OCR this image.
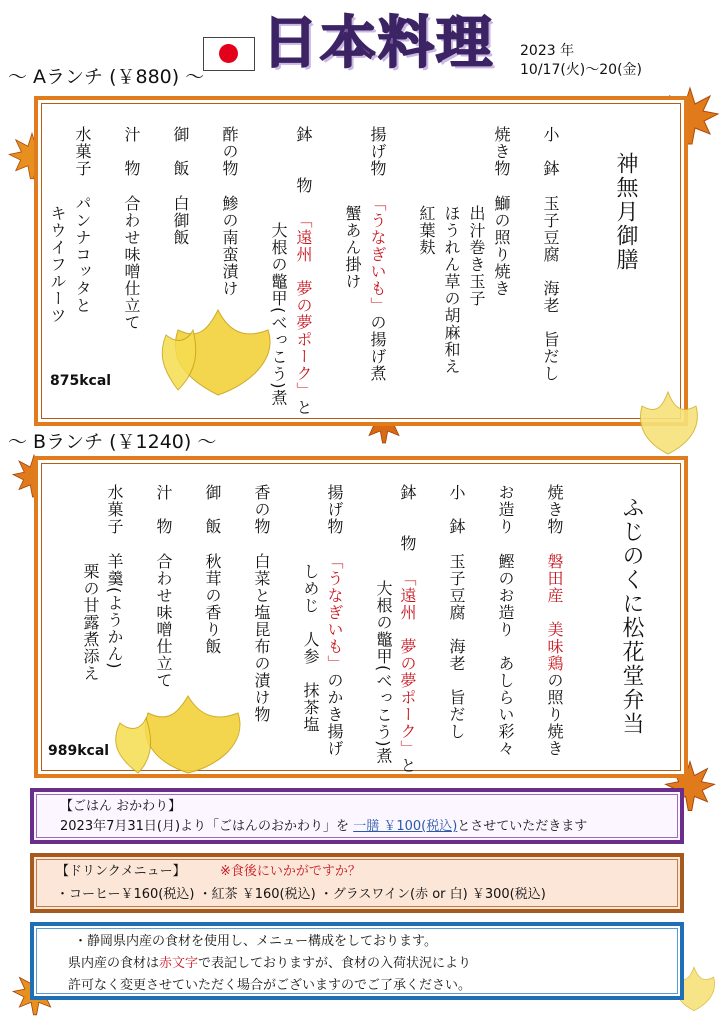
日本料理 2023 年
10/17(火)～20(金)
～ Aランチ (￥880) ～
神無月御膳
小　鉢玉子豆腐　海老　旨だし
焼き物鰤の照り焼き
出汁巻き玉子
ほうれん草の胡麻和え
紅葉麸
揚げ物「うなぎいも」の揚げ煮
蟹あん掛け
鉢　　物「遠州　夢の夢ポーク」と
大根の鼈甲(べっこう)煮
酢の物鯵の南蛮漬け
御　飯白御飯
汁　物合わせ味噌仕立て
水菓子パンナコッタと
キウイフルーツ
875kcal
～ Bランチ (￥1240) ～
ふじのくに松花堂弁当
焼き物磐田産　美味鶏の照り焼き
お造り鰹のお造り　あしらい彩々
小　鉢玉子豆腐　海老　旨だし
鉢　　物「遠州　夢の夢ポーク」と
大根の鼈甲(べっこう)煮
揚げ物「うなぎいも」のかき揚げ
しめじ　人参　抹茶塩
香の物白菜と塩昆布の漬け物
御　飯秋茸の香り飯
汁　物合わせ味噌仕立て
水菓子羊羹(ようかん)
栗の甘露煮添え
989kcal
【ごはん おかわり】
2023年7月31日(月)より「ごはんのおかわり」を 一膳 ￥100(税込)とさせていただきます
【ドリンクメニュー】	※食後にいかがですか？
・コーヒー￥160(税込) ・紅茶 ￥160(税込) ・グラスワイン(赤 or 白) ￥300(税込)
・静岡県内産の食材を使用し、メニュー構成をしております。
県内産の食材は赤文字で表記しておりますが、食材の入荷状況により
許可なく変更させていただく場合がございますのでご了承ください。
